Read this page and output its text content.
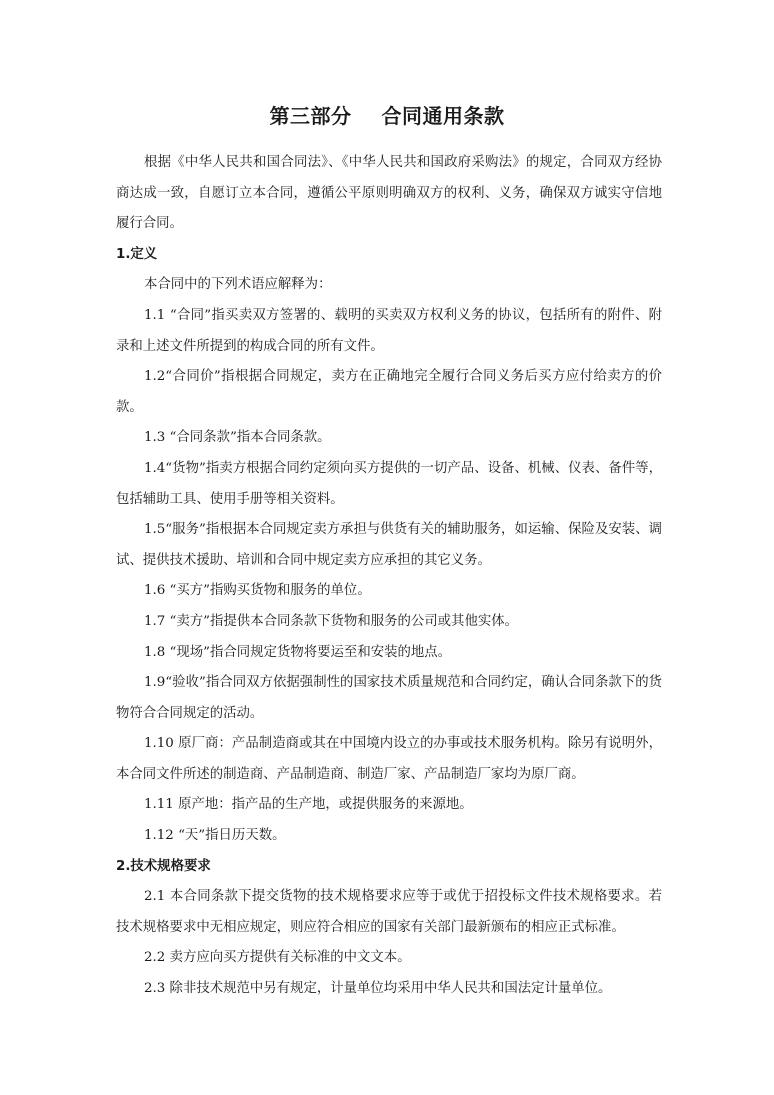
第三部分 合同通用条款

根据《中华人民共和国合同法》、《中华人民共和国政府采购法》的规定，合同双方经协商达成一致，自愿订立本合同，遵循公平原则明确双方的权利、义务，确保双方诚实守信地履行合同。

1.定义

本合同中的下列术语应解释为：

1.1 “合同”指买卖双方签署的、载明的买卖双方权利义务的协议，包括所有的附件、附录和上述文件所提到的构成合同的所有文件。

1.2“合同价”指根据合同规定，卖方在正确地完全履行合同义务后买方应付给卖方的价款。

1.3 “合同条款”指本合同条款。

1.4“货物”指卖方根据合同约定须向买方提供的一切产品、设备、机械、仪表、备件等，包括辅助工具、使用手册等相关资料。

1.5“服务”指根据本合同规定卖方承担与供货有关的辅助服务，如运输、保险及安装、调试、提供技术援助、培训和合同中规定卖方应承担的其它义务。

1.6 “买方”指购买货物和服务的单位。

1.7 “卖方”指提供本合同条款下货物和服务的公司或其他实体。

1.8 “现场”指合同规定货物将要运至和安装的地点。

1.9“验收”指合同双方依据强制性的国家技术质量规范和合同约定，确认合同条款下的货物符合合同规定的活动。

1.10 原厂商：产品制造商或其在中国境内设立的办事或技术服务机构。除另有说明外，本合同文件所述的制造商、产品制造商、制造厂家、产品制造厂家均为原厂商。

1.11 原产地：指产品的生产地，或提供服务的来源地。

1.12 “天”指日历天数。

2.技术规格要求

2.1 本合同条款下提交货物的技术规格要求应等于或优于招投标文件技术规格要求。若技术规格要求中无相应规定，则应符合相应的国家有关部门最新颁布的相应正式标准。

2.2 卖方应向买方提供有关标准的中文文本。

2.3 除非技术规范中另有规定，计量单位均采用中华人民共和国法定计量单位。
